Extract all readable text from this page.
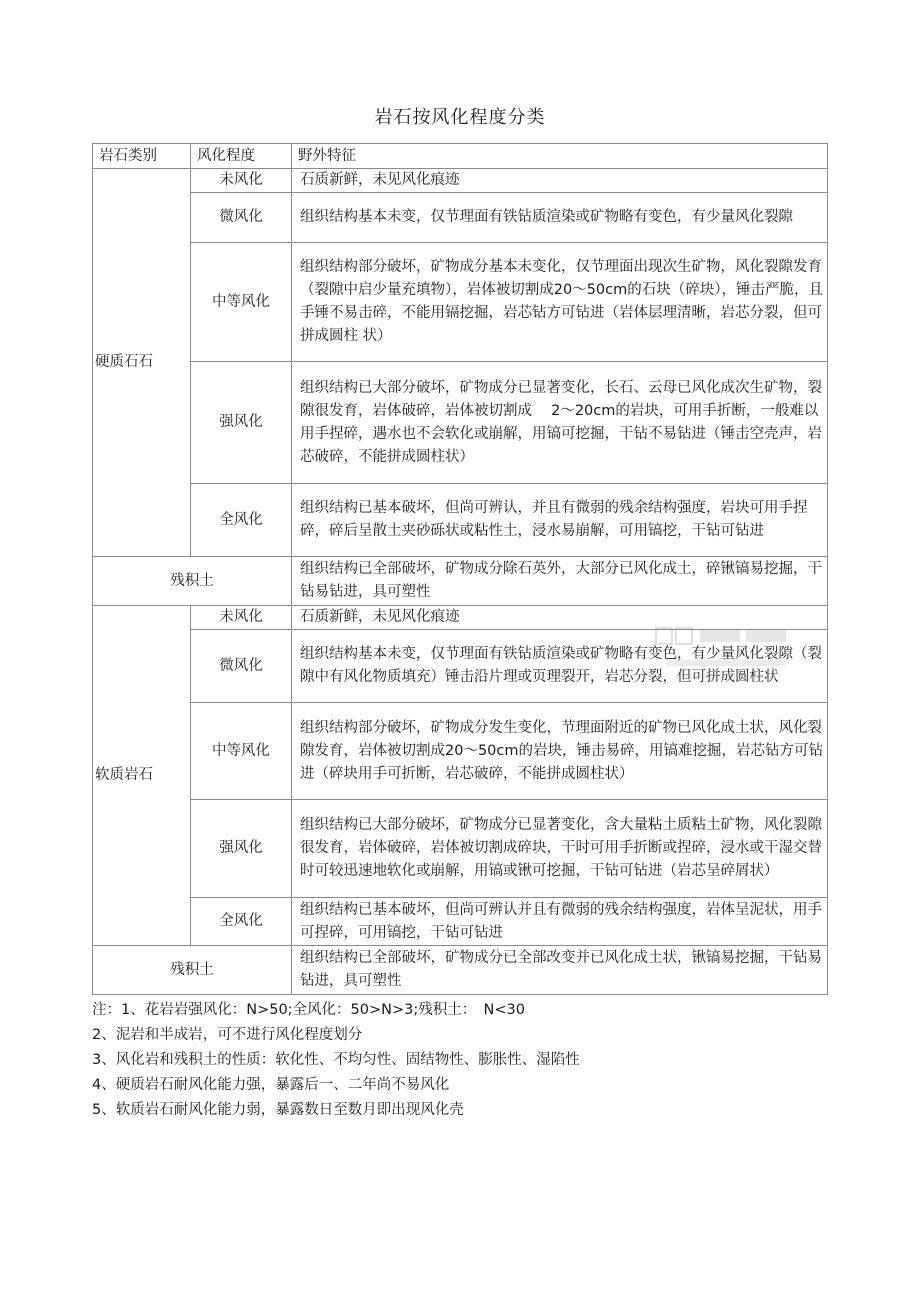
岩石按风化程度分类
岩石类别	风化程度	野外特征
硬质石石	未风化	石质新鲜，未见风化痕迹
	微风化	组织结构基本未变，仅节理面有铁钻质渲染或矿物略有变色，有少量风化裂隙
	中等风化	组织结构部分破坏，矿物成分基本未变化，仅节理面出现次生矿物，风化裂隙发育（裂隙中启少量充填物），岩体被切割成20〜50cm的石块（碎块），锤击严脆，且　　手锤不易击碎，不能用镉挖掘，岩芯钻方可钻进（岩体层理清晰，岩芯分裂，但可拼成圆柱 状）
	强风化	组织结构已大部分破坏，矿物成分已显著变化，长石、云母已风化成次生矿物，裂隙很发育，岩体破碎，岩体被切割成　 2〜20cm的岩块，可用手折断，一般难以用手捏碎，遇水也不会软化或崩解，用镐可挖掘，干钻不易钻进（锤击空壳声，岩芯破碎，不能拼成圆柱状）
	全风化	组织结构已基本破坏，但尚可辨认，并且有微弱的残余结构强度，岩块可用手捏碎，碎后呈散土夹砂砾状或粘性土，浸水易崩解，可用镐挖，干钻可钻进
残积土		组织结构已全部破坏，矿物成分除石英外，大部分已风化成土，碎锹镐易挖掘，干钻易钻进，具可塑性
软质岩石	未风化	石质新鲜，未见风化痕迹
	微风化	组织结构基本未变，仅节理面有铁钻质渲染或矿物略有变色，有少量风化裂隙（裂隙中有风化物质填充）锤击沿片理或页理裂开，岩芯分裂，但可拼成圆柱状
	中等风化	组织结构部分破坏，矿物成分发生变化，节理面附近的矿物已风化成土状，风化裂隙发育，岩体被切割成20〜50cm的岩块，锤击易碎，用镐难挖掘，岩芯钻方可钻进（碎块用手可折断，岩芯破碎，不能拼成圆柱状）
	强风化	组织结构已大部分破坏，矿物成分已显著变化，含大量粘土质粘土矿物，风化裂隙很发育，岩体破碎，岩体被切割成碎块，干时可用手折断或捏碎，浸水或干湿交替时可较迅速地软化或崩解，用镐或锹可挖掘，干钻可钻进（岩芯呈碎屑状）
	全风化	组织结构已基本破坏，但尚可辨认并且有微弱的残余结构强度，岩体呈泥状，用手可捏碎，可用镐挖，干钻可钻进
残积土		组织结构已全部破坏，矿物成分已全部改变并已风化成土状，锹镐易挖掘，干钻易钻进，具可塑性
注：1、花岩岩强风化：N>50;全风化：50>N>3;残积土：　N<30
2、泥岩和半成岩，可不进行风化程度划分
3、风化岩和残积土的性质：软化性、不均匀性、固结物性、膨胀性、湿陷性
4、硬质岩石耐风化能力强，暴露后一、二年尚不易风化
5、软质岩石耐风化能力弱，暴露数日至数月即出现风化壳
